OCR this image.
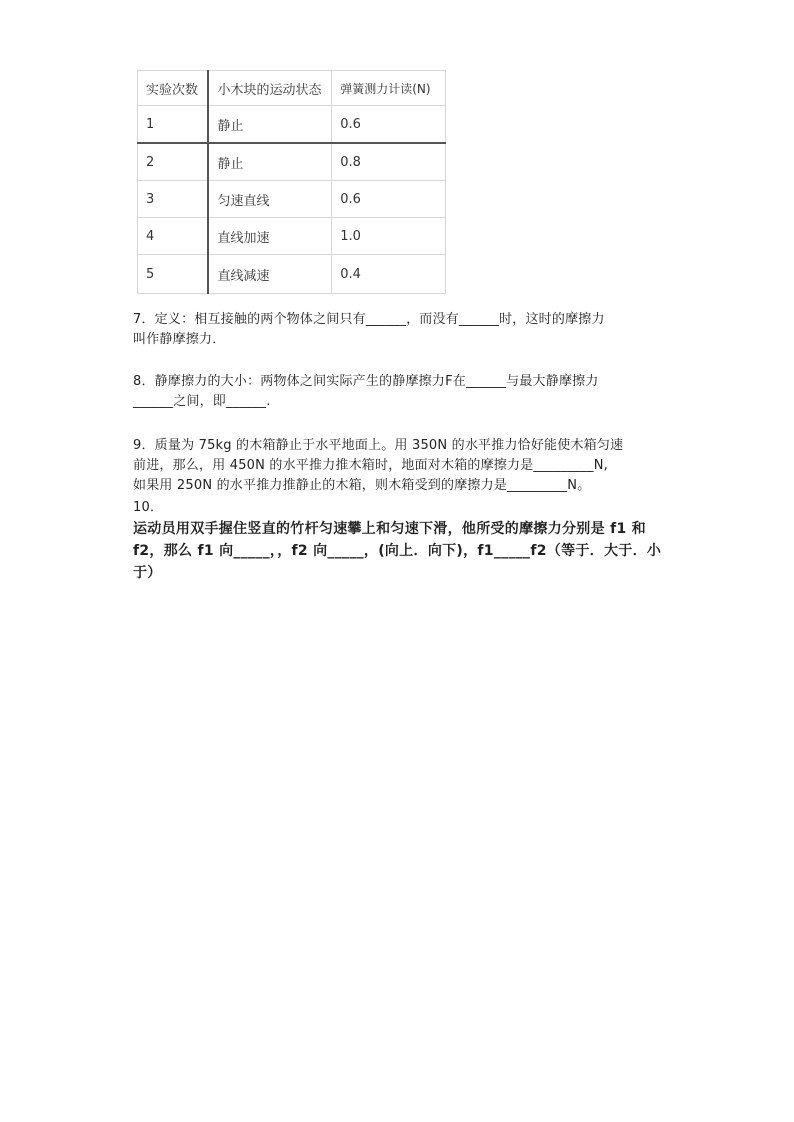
实验次数	小木块的运动状态	弹簧测力计读(N)
1	静止	0.6
2	静止	0.8
3	匀速直线	0.6
4	直线加速	1.0
5	直线减速	0.4

7．定义：相互接触的两个物体之间只有______，而没有______时，这时的摩擦力

叫作静摩擦力．

8．静摩擦力的大小：两物体之间实际产生的静摩擦力F在______与最大静摩擦力

______之间，即______.

9．质量为 75kg 的木箱静止于水平地面上。用 350N 的水平推力恰好能使木箱匀速

前进，那么，用 450N 的水平推力推木箱时，地面对木箱的摩擦力是_________N,

如果用 250N 的水平推力推静止的木箱，则木箱受到的摩擦力是_________N。

10．

运动员用双手握住竖直的竹杆匀速攀上和匀速下滑，他所受的摩擦力分别是 f1 和

f2，那么 f1 向_____，，f2 向_____，(向上．向下)，f1_____f2（等于．大于．小

于）
